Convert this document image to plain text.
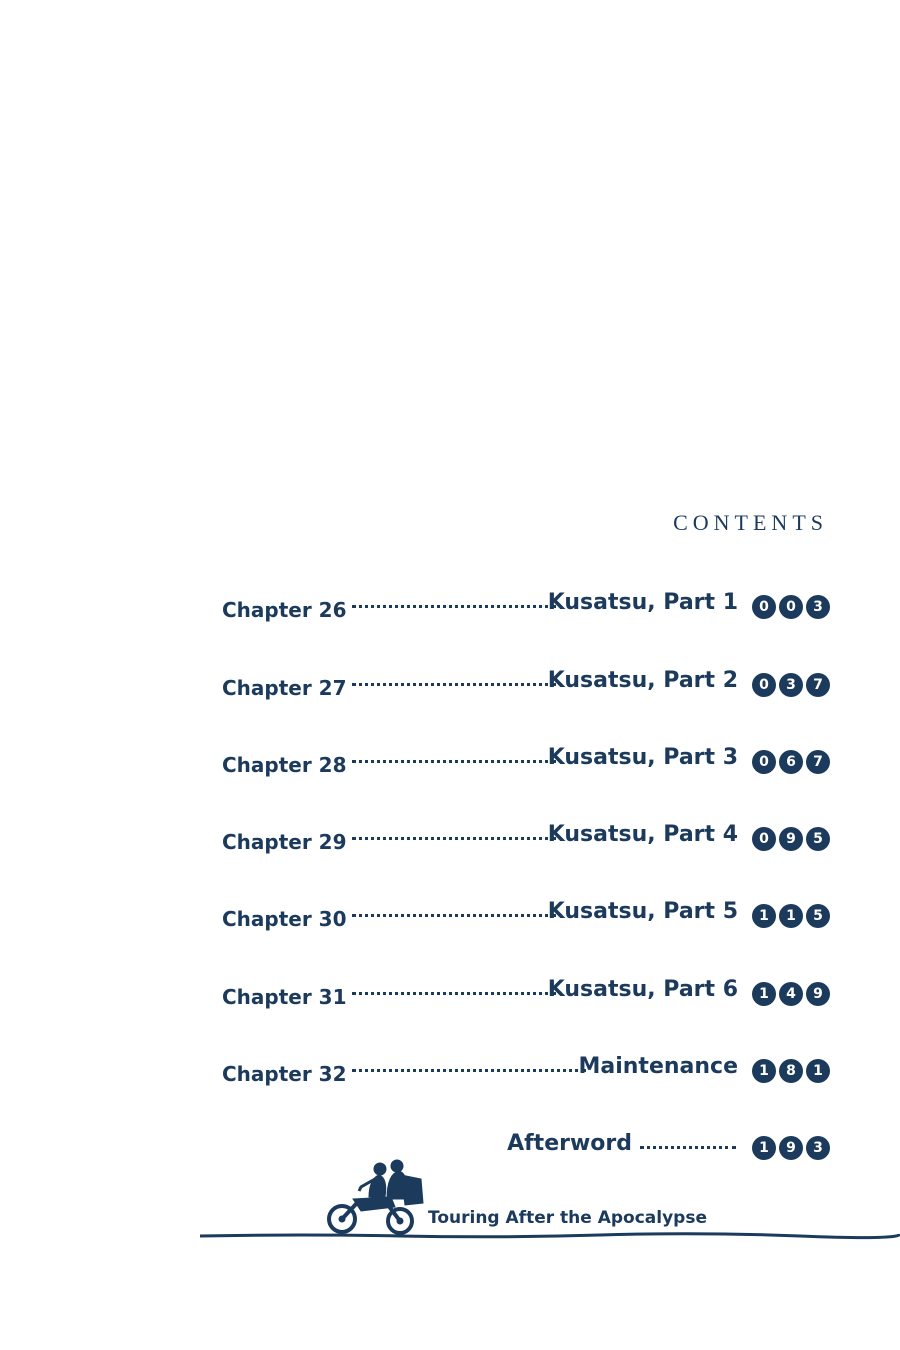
CONTENTS
Chapter 26	Kusatsu, Part 1	0	0	3
Chapter 27	Kusatsu, Part 2	0	3	7
Chapter 28	Kusatsu, Part 3	0	6	7
Chapter 29	Kusatsu, Part 4	0	9	5
Chapter 30	Kusatsu, Part 5	1	1	5
Chapter 31	Kusatsu, Part 6	1	4	9
Chapter 32	Maintenance	1	8	1
Afterword	1	9	3
Touring After the Apocalypse
